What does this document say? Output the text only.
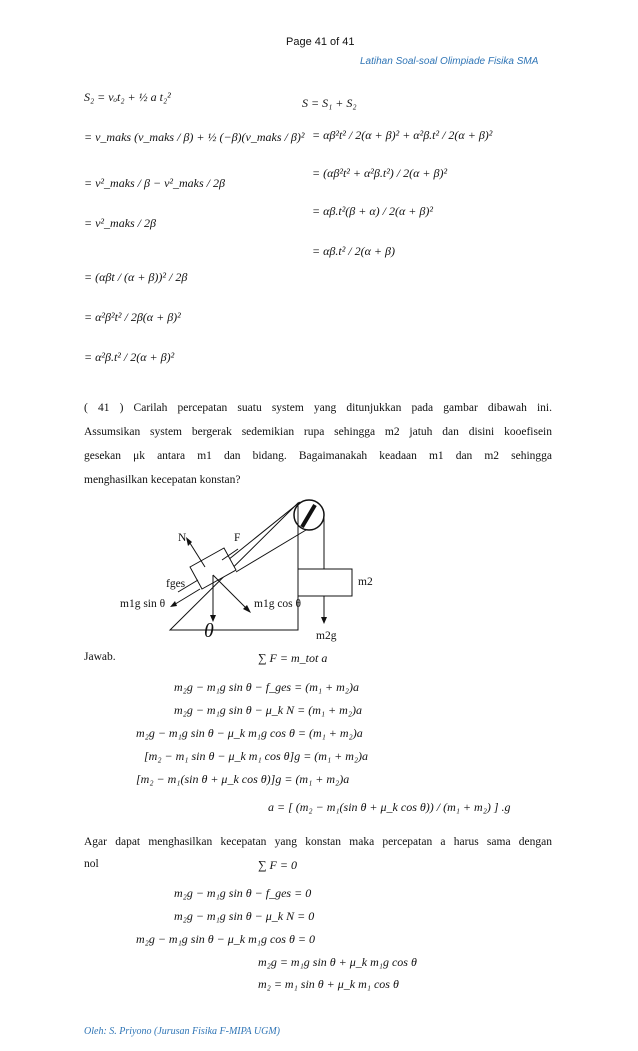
Page 41 of 41
Latihan Soal-soal Olimpiade Fisika SMA
S₂ = vₒt₂ + ½ a t₂²
= v_maks (v_maks / β) + ½ (−β)(v_maks / β)²
= v²_maks / β − v²_maks / 2β
= v²_maks / 2β
= (αβt / (α + β))² / 2β
= α²β²t² / 2β(α + β)²
= α²β.t² / 2(α + β)²
S = S₁ + S₂
= αβ²t² / 2(α + β)² + α²β.t² / 2(α + β)²
= (αβ²t² + α²β.t²) / 2(α + β)²
= αβ.t²(β + α) / 2(α + β)²
= αβ.t² / 2(α + β)
( 41 ) Carilah percepatan suatu system yang ditunjukkan pada gambar dibawah ini.
Assumsikan system bergerak sedemikian rupa sehingga m2 jatuh dan disini kooefisein
gesekan μk antara m1 dan bidang. Bagaimanakah keadaan m1 dan m2 sehingga
menghasilkan kecepatan konstan?
N	F
fges	m2
m1g sin θ	m1g cos θ
θ	m2g
Jawab.	∑ F = m_tot a
m₂g − m₁g sin θ − f_ges = (m₁ + m₂)a
m₂g − m₁g sin θ − μ_k N = (m₁ + m₂)a
m₂g − m₁g sin θ − μ_k m₁g cos θ = (m₁ + m₂)a
[m₂ − m₁ sin θ − μ_k m₁ cos θ]g = (m₁ + m₂)a
[m₂ − m₁(sin θ + μ_k cos θ)]g = (m₁ + m₂)a
a = [ (m₂ − m₁(sin θ + μ_k cos θ)) / (m₁ + m₂) ] .g
Agar dapat menghasilkan kecepatan yang konstan maka percepatan a harus sama dengan
nol	∑ F = 0
m₂g − m₁g sin θ − f_ges = 0
m₂g − m₁g sin θ − μ_k N = 0
m₂g − m₁g sin θ − μ_k m₁g cos θ = 0
m₂g = m₁g sin θ + μ_k m₁g cos θ
m₂ = m₁ sin θ + μ_k m₁ cos θ
Oleh: S. Priyono (Jurusan Fisika F-MIPA UGM)
